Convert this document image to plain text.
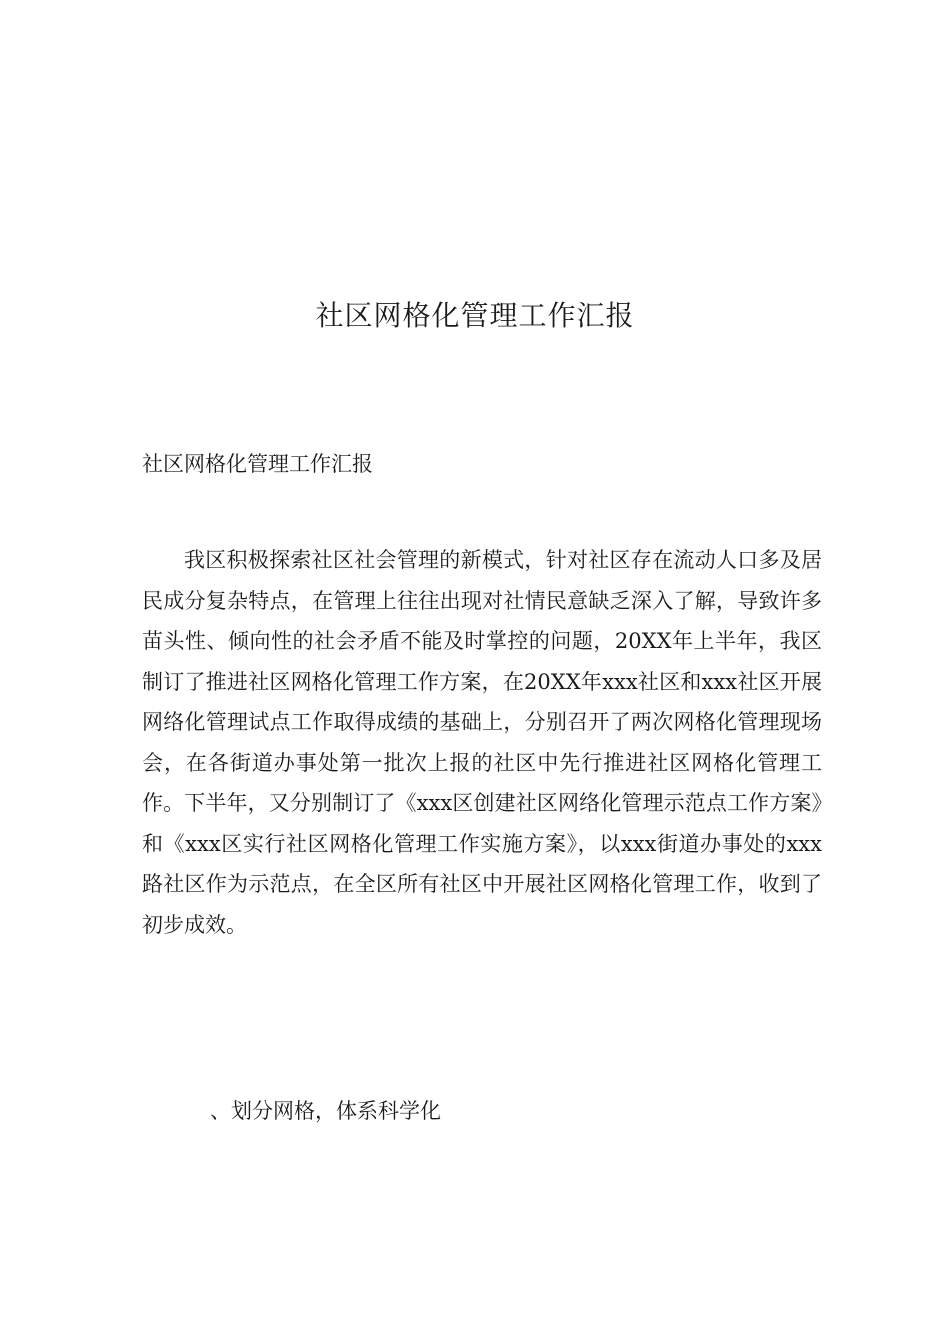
社区网格化管理工作汇报

社区网格化管理工作汇报

我区积极探索社区社会管理的新模式，针对社区存在流动人口多及居民成分复杂特点，在管理上往往出现对社情民意缺乏深入了解，导致许多苗头性、倾向性的社会矛盾不能及时掌控的问题，20XX年上半年，我区制订了推进社区网格化管理工作方案，在20XX年xxx社区和xxx社区开展网络化管理试点工作取得成绩的基础上，分别召开了两次网格化管理现场会，在各街道办事处第一批次上报的社区中先行推进社区网格化管理工作。下半年，又分别制订了《xxx区创建社区网络化管理示范点工作方案》和《xxx区实行社区网格化管理工作实施方案》，以xxx街道办事处的xxx路社区作为示范点，在全区所有社区中开展社区网格化管理工作，收到了初步成效。

、划分网格，体系科学化
